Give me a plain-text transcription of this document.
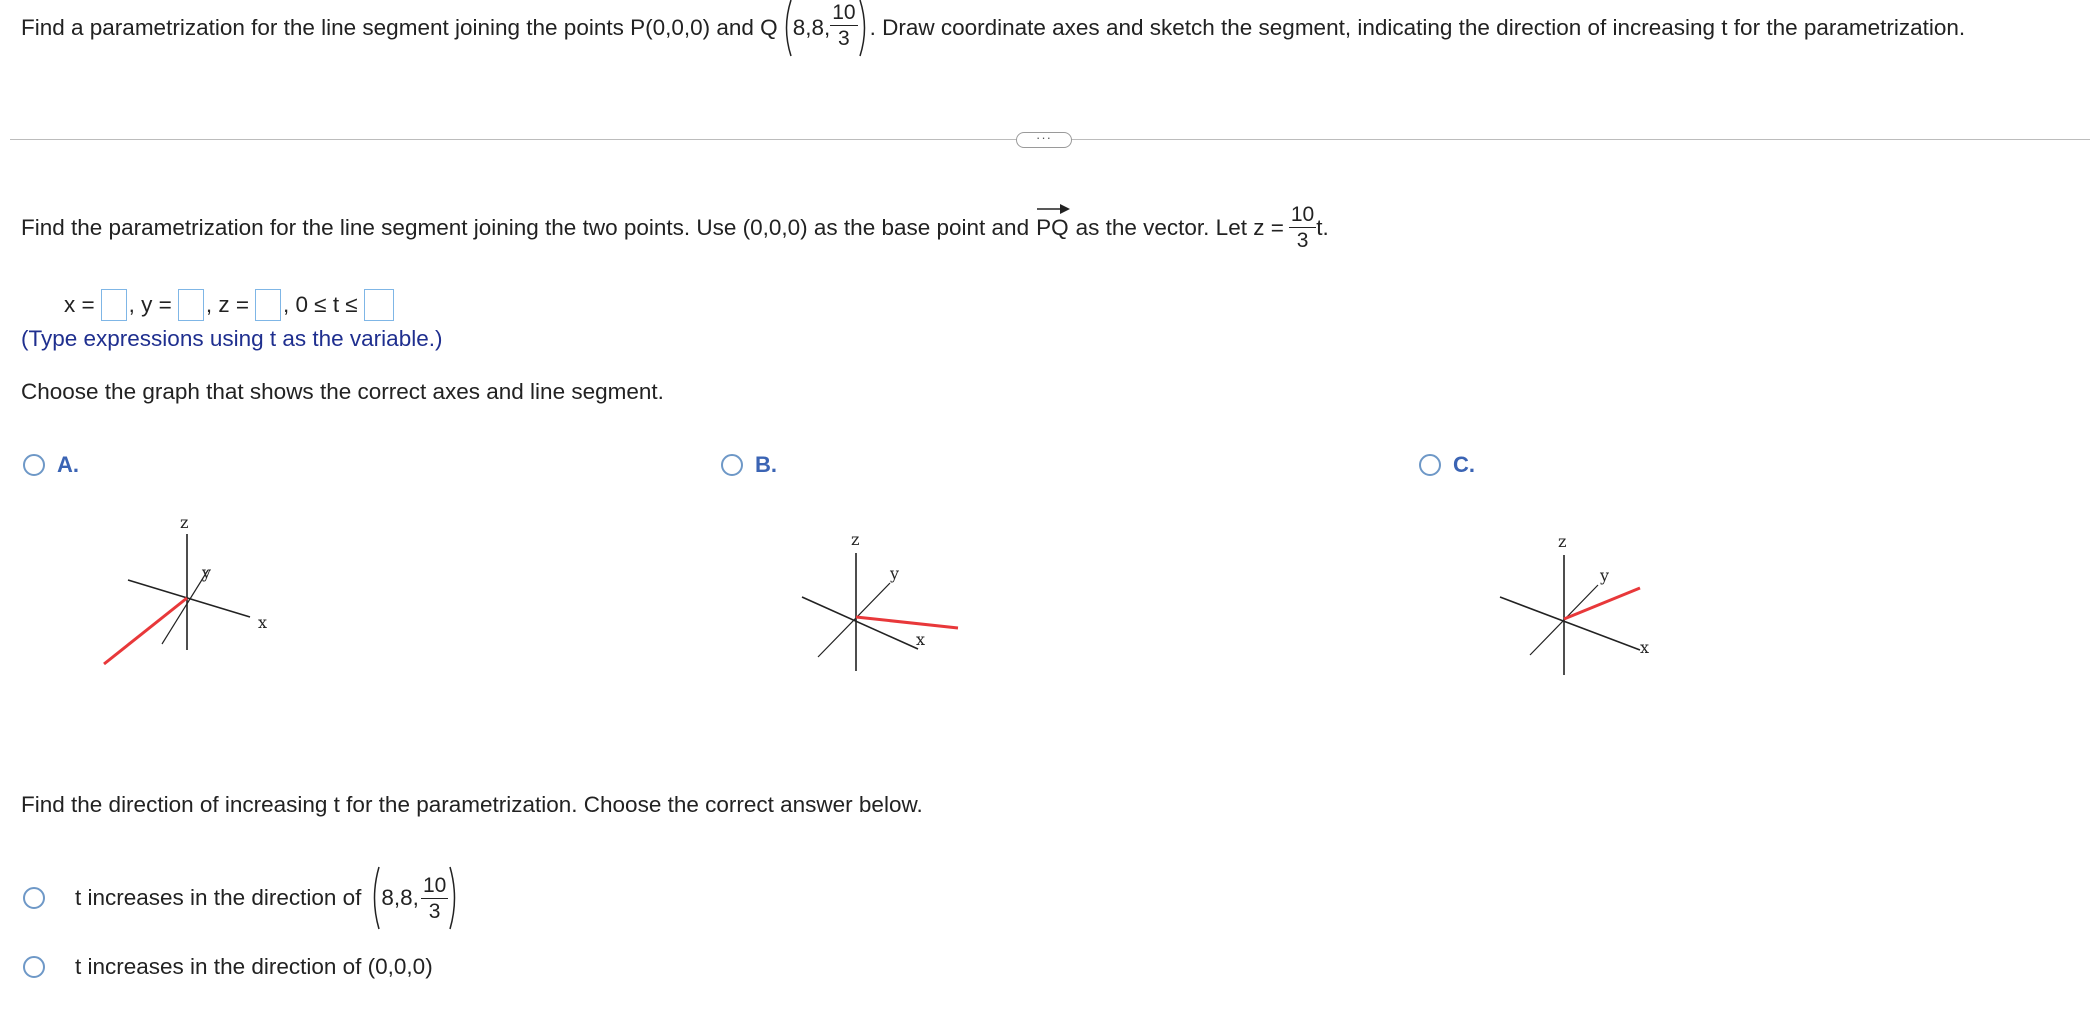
Find a parametrization for the line segment joining the points P(0,0,0) and Q 8,8, $\frac{10}{3}$ . Draw coordinate axes and sketch the segment, indicating the direction of increasing t for the parametrization.
···
Find the parametrization for the line segment joining the two points. Use (0,0,0) as the base point and PQ as the vector. Let $z = \frac{10}{3} t$.
x = , y = , z = , 0 ≤ t ≤
(Type expressions using t as the variable.)
Choose the graph that shows the correct axes and line segment.
A.
z
y
x
B.
z
y
x
C.
z
y
x
Find the direction of increasing t for the parametrization. Choose the correct answer below.
t increases in the direction of 8,8, $\frac{10}{3}$
t increases in the direction of (0,0,0)
